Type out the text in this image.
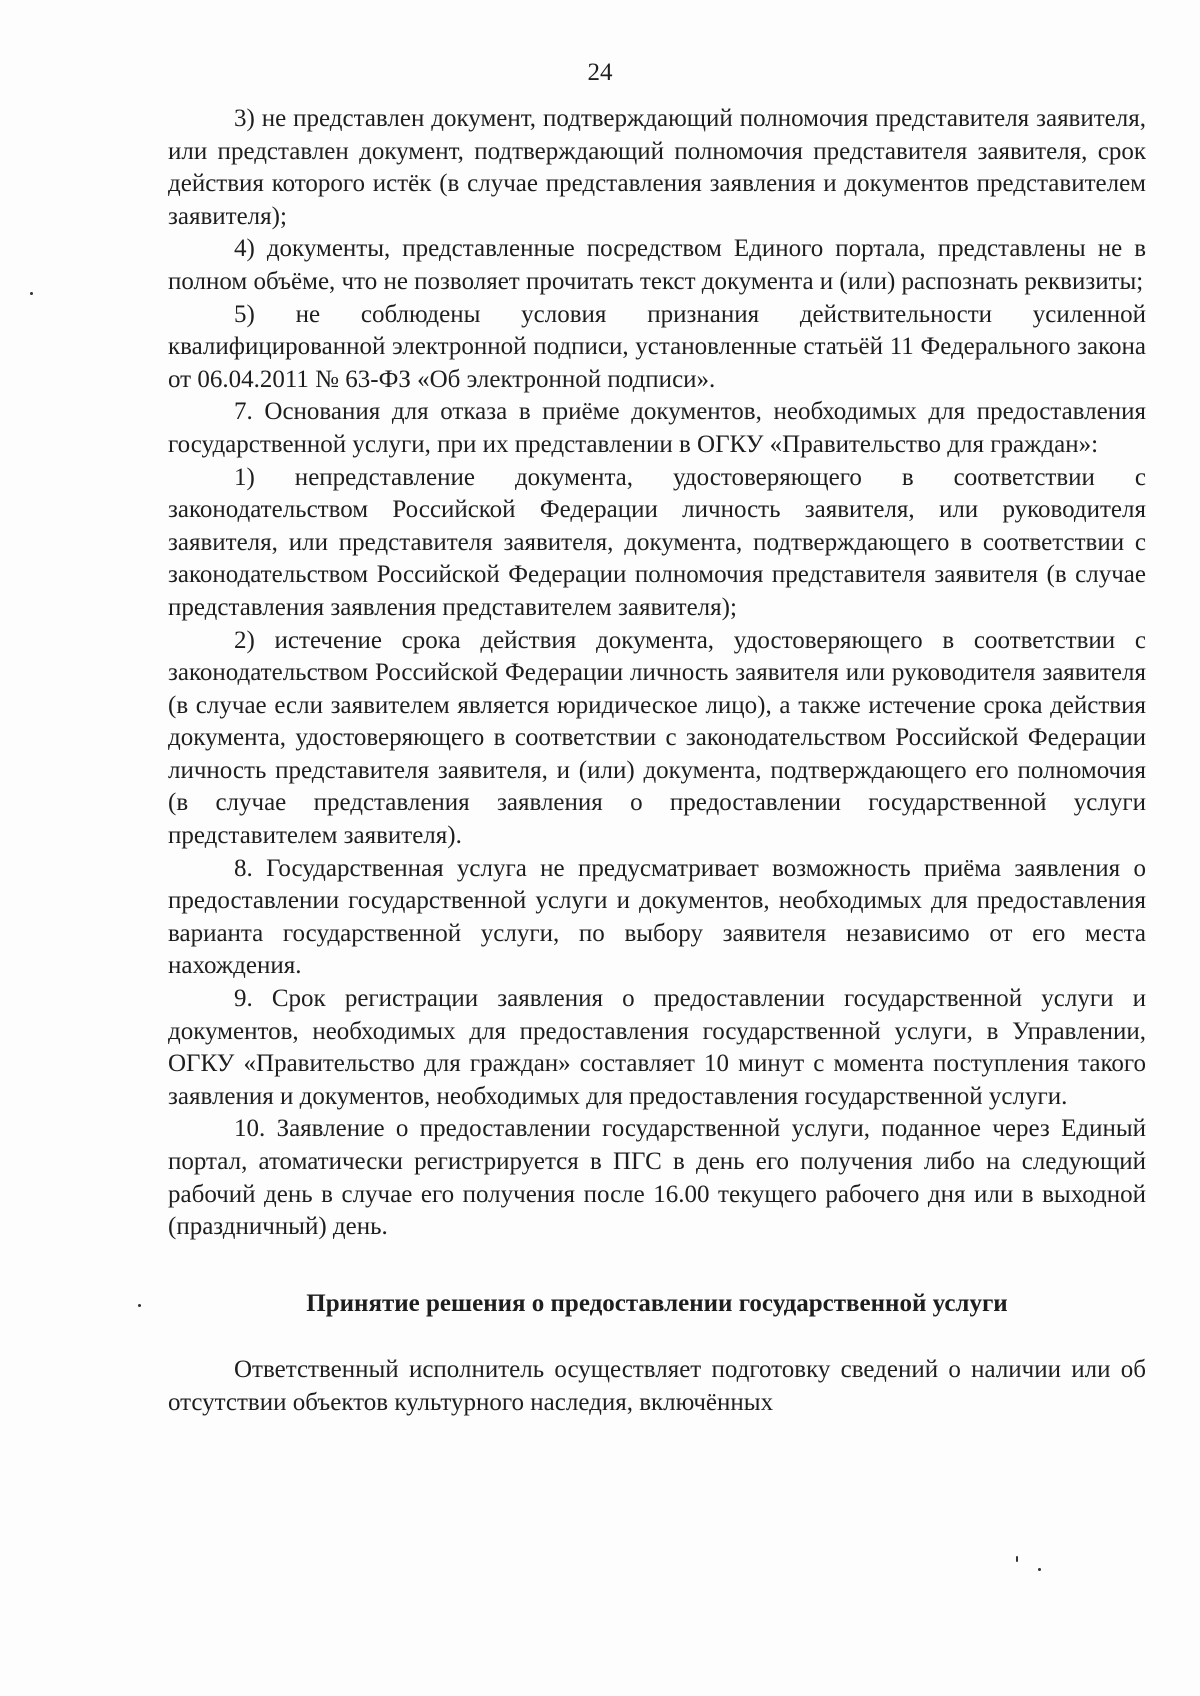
24

3) не представлен документ, подтверждающий полномочия представителя заявителя, или представлен документ, подтверждающий полномочия представителя заявителя, срок действия которого истёк (в случае представления заявления и документов представителем заявителя);

4) документы, представленные посредством Единого портала, представлены не в полном объёме, что не позволяет прочитать текст документа и (или) распознать реквизиты;

5) не соблюдены условия признания действительности усиленной квалифицированной электронной подписи, установленные статьёй 11 Федерального закона от 06.04.2011 № 63-ФЗ «Об электронной подписи».

7. Основания для отказа в приёме документов, необходимых для предоставления государственной услуги, при их представлении в ОГКУ «Правительство для граждан»:

1) непредставление документа, удостоверяющего в соответствии с законодательством Российской Федерации личность заявителя, или руководителя заявителя, или представителя заявителя, документа, подтверждающего в соответствии с законодательством Российской Федерации полномочия представителя заявителя (в случае представления заявления представителем заявителя);

2) истечение срока действия документа, удостоверяющего в соответствии с законодательством Российской Федерации личность заявителя или руководителя заявителя (в случае если заявителем является юридическое лицо), а также истечение срока действия документа, удостоверяющего в соответствии с законодательством Российской Федерации личность представителя заявителя, и (или) документа, подтверждающего его полномочия (в случае представления заявления о предоставлении государственной услуги представителем заявителя).

8. Государственная услуга не предусматривает возможность приёма заявления о предоставлении государственной услуги и документов, необходимых для предоставления варианта государственной услуги, по выбору заявителя независимо от его места нахождения.

9. Срок регистрации заявления о предоставлении государственной услуги и документов, необходимых для предоставления государственной услуги, в Управлении, ОГКУ «Правительство для граждан» составляет 10 минут с момента поступления такого заявления и документов, необходимых для предоставления государственной услуги.

10. Заявление о предоставлении государственной услуги, поданное через Единый портал, атоматически регистрируется в ПГС в день его получения либо на следующий рабочий день в случае его получения после 16.00 текущего рабочего дня или в выходной (праздничный) день.

Принятие решения о предоставлении государственной услуги

Ответственный исполнитель осуществляет подготовку сведений о наличии или об отсутствии объектов культурного наследия, включённых
